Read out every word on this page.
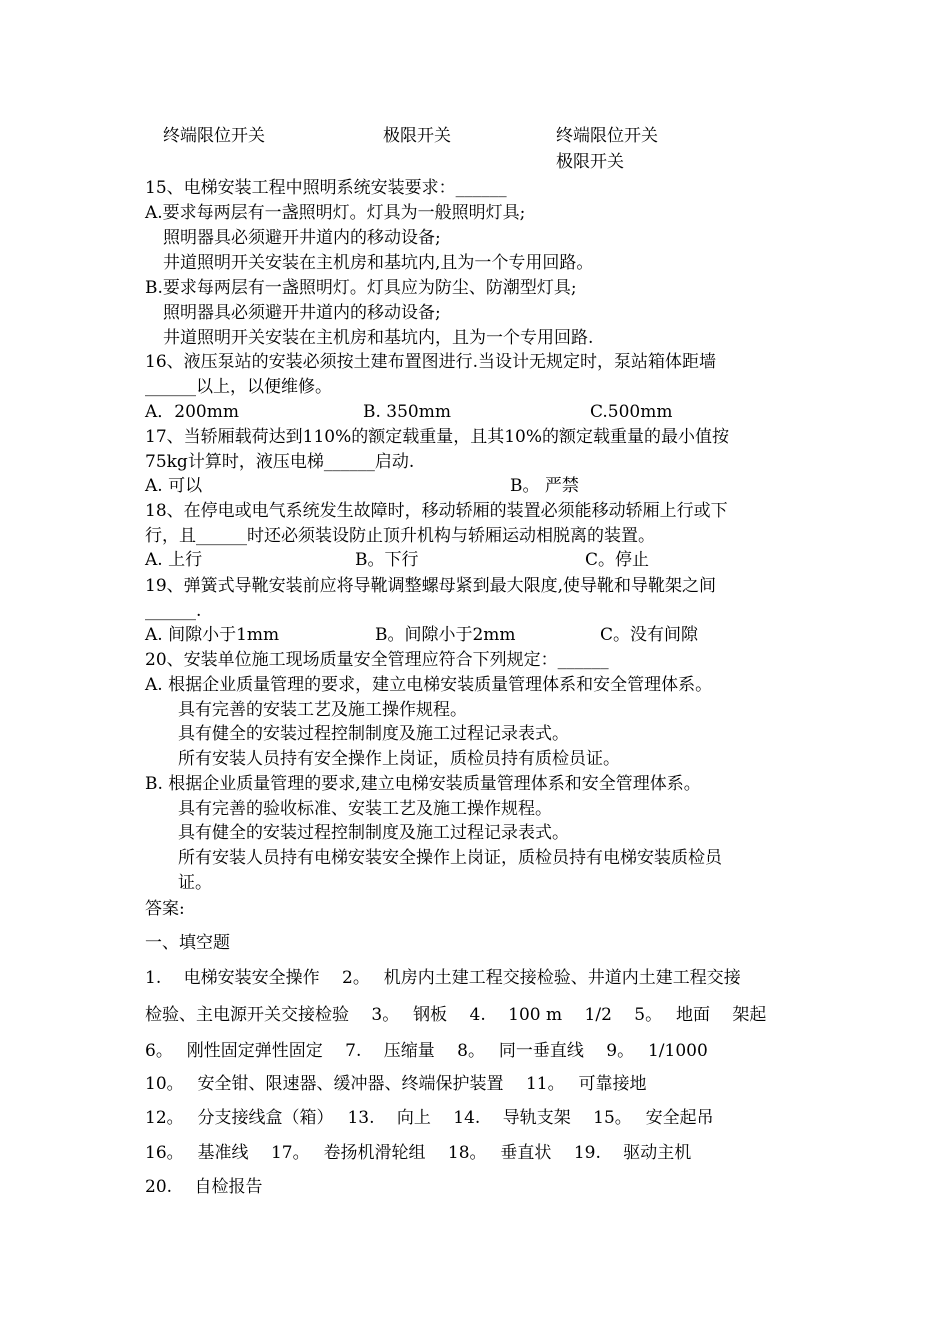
终端限位开关	极限开关	终端限位开关
极限开关
15、电梯安装工程中照明系统安装要求：______
A.要求每两层有一盏照明灯。灯具为一般照明灯具;
照明器具必须避开井道内的移动设备;
井道照明开关安装在主机房和基坑内,且为一个专用回路。
B.要求每两层有一盏照明灯。灯具应为防尘、防潮型灯具;
照明器具必须避开井道内的移动设备;
井道照明开关安装在主机房和基坑内，且为一个专用回路.
16、液压泵站的安装必须按土建布置图进行.当设计无规定时，泵站箱体距墙
______以上，以便维修。
A．200mm	B. 350mm	C.500mm
17、当轿厢载荷达到110%的额定载重量，且其10%的额定载重量的最小值按
75kg计算时，液压电梯______启动.
A. 可以	B。 严禁
18、在停电或电气系统发生故障时，移动轿厢的装置必须能移动轿厢上行或下
行，且______时还必须装设防止顶升机构与轿厢运动相脱离的装置。
A. 上行	B。下行	C。停止
19、弹簧式导靴安装前应将导靴调整螺母紧到最大限度,使导靴和导靴架之间
______.
A. 间隙小于1mm	B。间隙小于2mm	C。没有间隙
20、安装单位施工现场质量安全管理应符合下列规定：______
A. 根据企业质量管理的要求，建立电梯安装质量管理体系和安全管理体系。
具有完善的安装工艺及施工操作规程。
具有健全的安装过程控制制度及施工过程记录表式。
所有安装人员持有安全操作上岗证，质检员持有质检员证。
B. 根据企业质量管理的要求,建立电梯安装质量管理体系和安全管理体系。
具有完善的验收标准、安装工艺及施工操作规程。
具有健全的安装过程控制制度及施工过程记录表式。
所有安装人员持有电梯安装安全操作上岗证，质检员持有电梯安装质检员
证。
答案:
一、填空题
1.　 电梯安装安全操作　 2。　 机房内土建工程交接检验、井道内土建工程交接
检验、主电源开关交接检验　 3。　 钢板　 4.　 100 m　 1/2　 5。　 地面　 架起
6。　 刚性固定弹性固定　 7.　 压缩量　 8。　 同一垂直线　 9。　 1/1000
10。　 安全钳、限速器、缓冲器、终端保护装置　 11。　 可靠接地
12。　 分支接线盒（箱）　 13.　 向上　 14.　 导轨支架　 15。　 安全起吊
16。　 基准线　 17。　 卷扬机滑轮组　 18。　 垂直状　 19.　 驱动主机
20.　 自检报告
